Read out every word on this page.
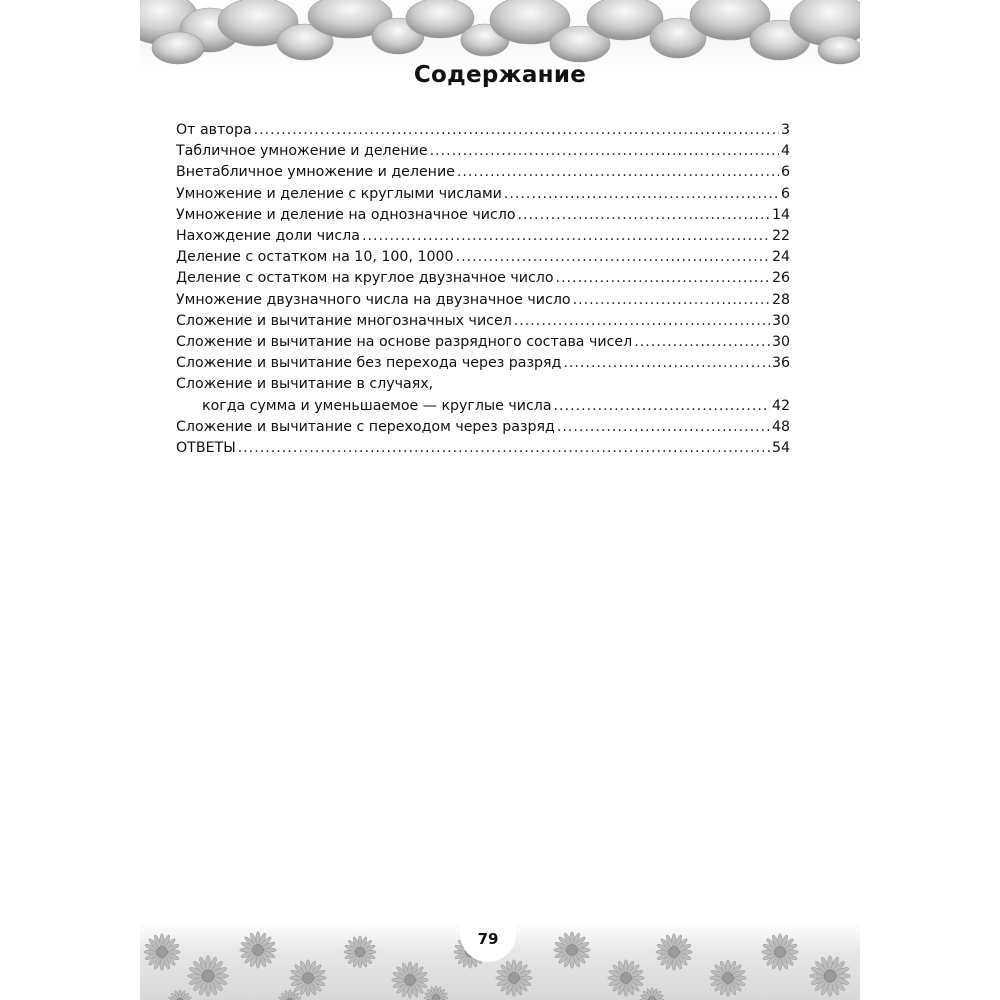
Содержание
От автора .....	3
Табличное умножение и деление .....	4
Внетабличное умножение и деление .....	6
Умножение и деление с круглыми числами .....	6
Умножение и деление на однозначное число .....	14
Нахождение доли числа .....	22
Деление с остатком на 10, 100, 1000 .....	24
Деление с остатком на круглое двузначное число .....	26
Умножение двузначного числа на двузначное число .....	28
Сложение и вычитание многозначных чисел .....	30
Сложение и вычитание на основе разрядного состава чисел .....	30
Сложение и вычитание без перехода через разряд .....	36
Сложение и вычитание в случаях,
когда сумма и уменьшаемое — круглые числа .....	42
Сложение и вычитание с переходом через разряд .....	48
ОТВЕТЫ .....	54
79
